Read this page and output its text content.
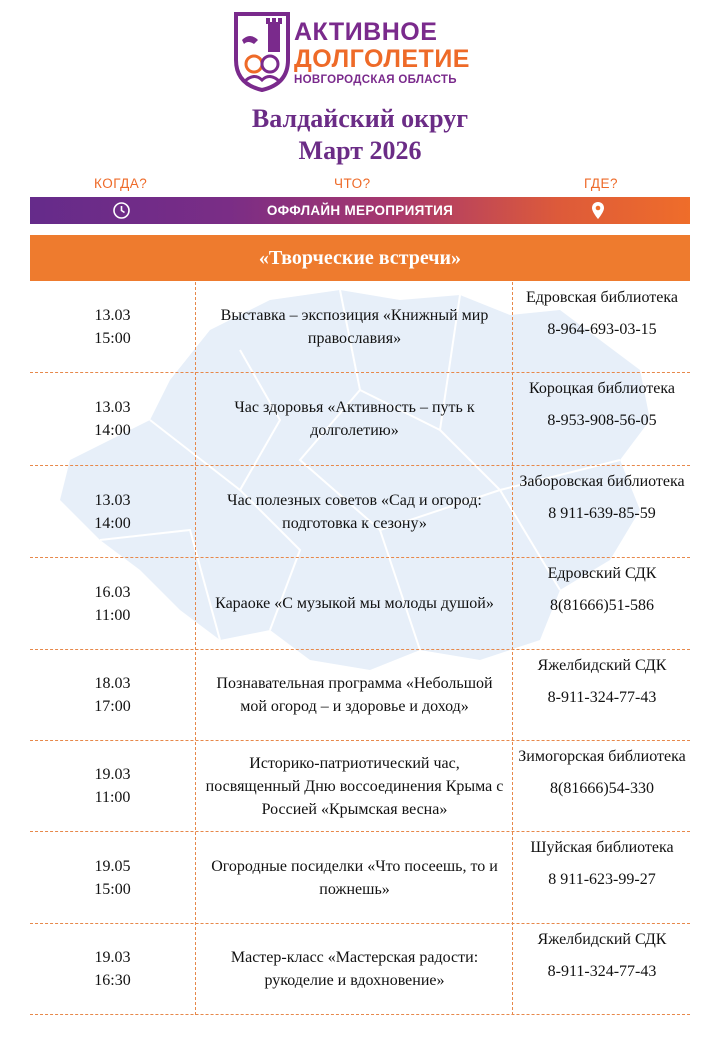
АКТИВНОЕ
ДОЛГОЛЕТИЕ
НОВГОРОДСКАЯ ОБЛАСТЬ
Валдайский округ
Март 2026
КОГДА?	ЧТО?	ГДЕ?
ОФФЛАЙН МЕРОПРИЯТИЯ
«Творческие встречи»
13.03
15:00
Выставка – экспозиция «Книжный мир православия»
Едровская библиотека
8-964-693-03-15
13.03
14:00
Час здоровья «Активность – путь к долголетию»
Короцкая библиотека
8-953-908-56-05
13.03
14:00
Час полезных советов «Сад и огород: подготовка к сезону»
Заборовская библиотека
8 911-639-85-59
16.03
11:00
Караоке «С музыкой мы молоды душой»
Едровский СДК
8(81666)51-586
18.03
17:00
Познавательная программа «Небольшой мой огород – и здоровье и доход»
Яжелбидский СДК
8-911-324-77-43
19.03
11:00
Историко-патриотический час, посвященный Дню воссоединения Крыма с Россией «Крымская весна»
Зимогорская библиотека
8(81666)54-330
19.05
15:00
Огородные посиделки «Что посеешь, то и пожнешь»
Шуйская библиотека
8 911-623-99-27
19.03
16:30
Мастер-класс «Мастерская радости: рукоделие и вдохновение»
Яжелбидский СДК
8-911-324-77-43
